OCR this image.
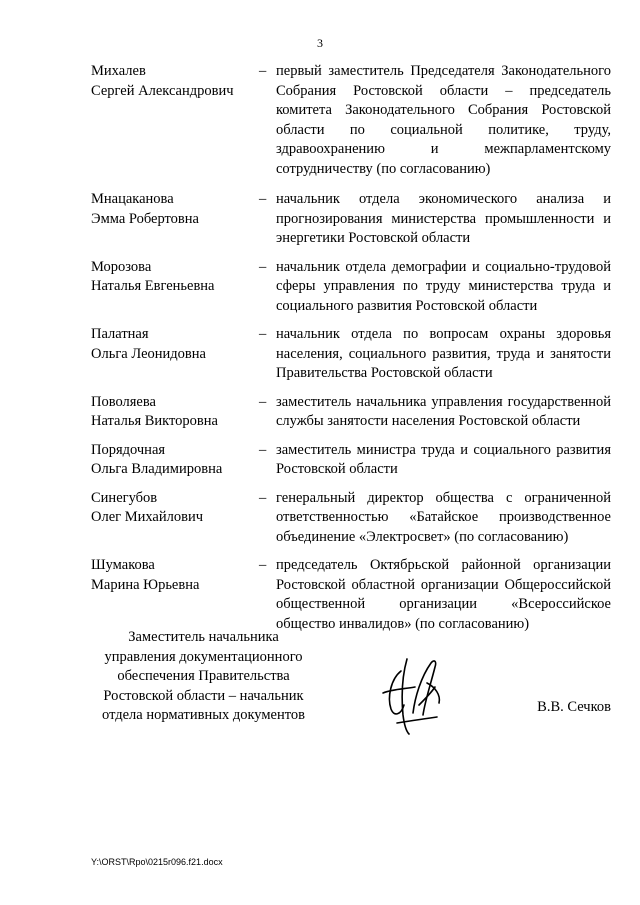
3
Михалев
Сергей Александрович
– первый заместитель Председателя Законодательного Собрания Ростовской области – председатель комитета Законодательного Собрания Ростовской области по социальной политике, труду, здравоохранению и межпарламентскому сотрудничеству (по согласованию)
Мнацаканова
Эмма Робертовна
– начальник отдела экономического анализа и прогнозирования министерства промышленности и энергетики Ростовской области
Морозова
Наталья Евгеньевна
– начальник отдела демографии и социально-трудовой сферы управления по труду министерства труда и социального развития Ростовской области
Палатная
Ольга Леонидовна
– начальник отдела по вопросам охраны здоровья населения, социального развития, труда и занятости Правительства Ростовской области
Поволяева
Наталья Викторовна
– заместитель начальника управления государственной службы занятости населения Ростовской области
Порядочная
Ольга Владимировна
– заместитель министра труда и социального развития Ростовской области
Синегубов
Олег Михайлович
– генеральный директор общества с ограниченной ответственностью «Батайское производственное объединение «Электросвет» (по согласованию)
Шумакова
Марина Юрьевна
– председатель Октябрьской районной организации Ростовской областной организации Общероссийской общественной организации «Всероссийское общество инвалидов» (по согласованию)
Заместитель начальника
управления документационного
обеспечения Правительства
Ростовской области – начальник
отдела нормативных документов	В.В. Сечков
Y:\ORST\Rpo\0215r096.f21.docx
